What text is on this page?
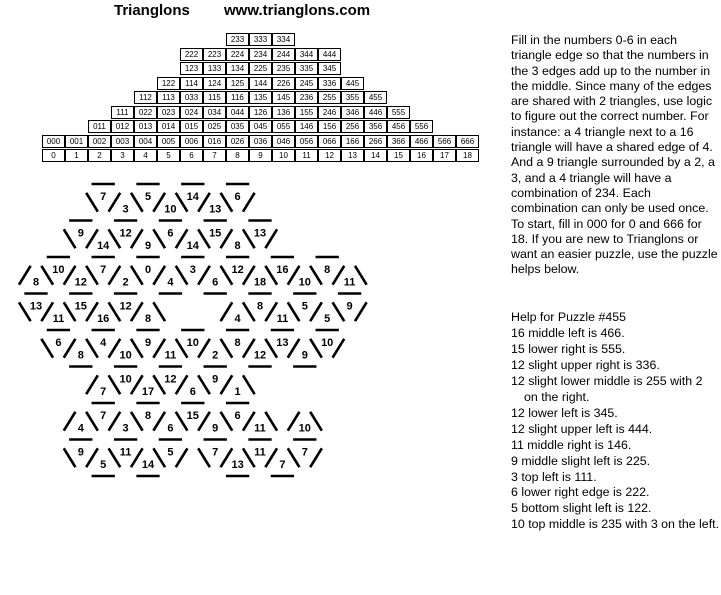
Trianglons www.trianglons.com
233	333	334
222	223	224	234	244	344	444
123	133	134	225	235	335	345
122	114	124	125	144	226	245	336	445
112	113	033	115	116	135	145	236	255	355	455
111	022	023	024	034	044	126	136	155	246	346	446	555
011	012	013	014	015	025	035	045	055	146	156	256	356	456	556
000	001	002	003	004	005	006	016	026	036	046	056	066	166	266	366	466	566	666
0	1	2	3	4	5	6	7	8	9	10	11	12	13	14	15	16	17	18
3	10	13
7	5	14	6
14	9	14	8
9	12	6	15	13
10	7	0	3	12	16	8
8	12	2	4	6	18	10	11
13	15	12	8	5	9
11	16	8	4	11	5
6	4	9	10	8	13	10
8	10	11	2	12	9
7	17	6	1
10	12	9
7	8	15	6
4	3	6	9	11	10
9	11	5	7	11	7
5	14	13	7
Fill in the numbers 0-6 in each triangle edge so that the numbers in the 3 edges add up to the number in the middle. Since many of the edges are shared with 2 triangles, use logic to figure out the correct number. For instance: a 4 triangle next to a 16 triangle will have a shared edge of 4. And a 9 triangle surrounded by a 2, a 3, and a 4 triangle will have a combination of 234. Each combination can only be used once. To start, fill in 000 for 0 and 666 for 18. If you are new to Trianglons or want an easier puzzle, use the puzzle helps below.
Help for Puzzle #455
16 middle left is 466.
15 lower right is 555.
12 slight upper right is 336.
12 slight lower middle is 255 with 2 on the right.
12 lower left is 345.
12 slight upper left is 444.
11 middle right is 146.
9 middle slight left is 225.
3 top left is 111.
6 lower right edge is 222.
5 bottom slight left is 122.
10 top middle is 235 with 3 on the left.
